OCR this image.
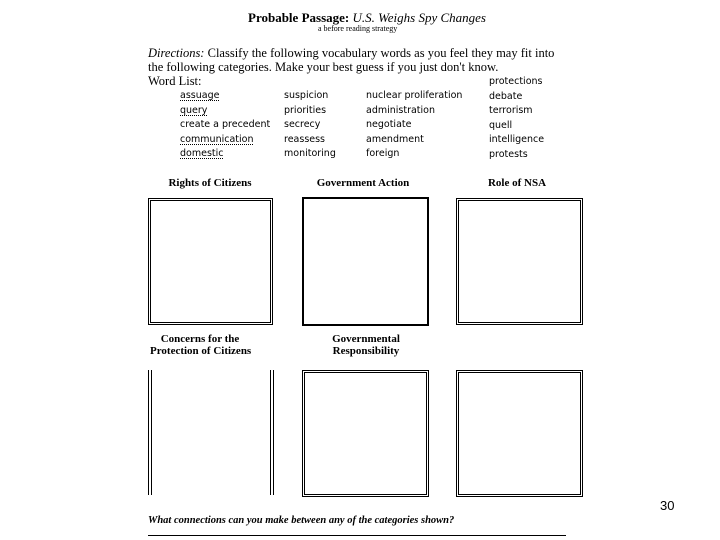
Probable Passage: U.S. Weighs Spy Changes
a before reading strategy
Directions: Classify the following vocabulary words as you feel they may fit into the following categories. Make your best guess if you just don't know.
Word List:
assuage
query
create a precedent
communication
domestic
suspicion
priorities
secrecy
reassess
monitoring
nuclear proliferation
administration
negotiate
amendment
foreign
protections
debate
terrorism
quell
intelligence
protests
Rights of Citizens	Government Action	Role of NSA
Concerns for the
Protection of Citizens
Governmental
Responsibility
30
What connections can you make between any of the categories shown?
